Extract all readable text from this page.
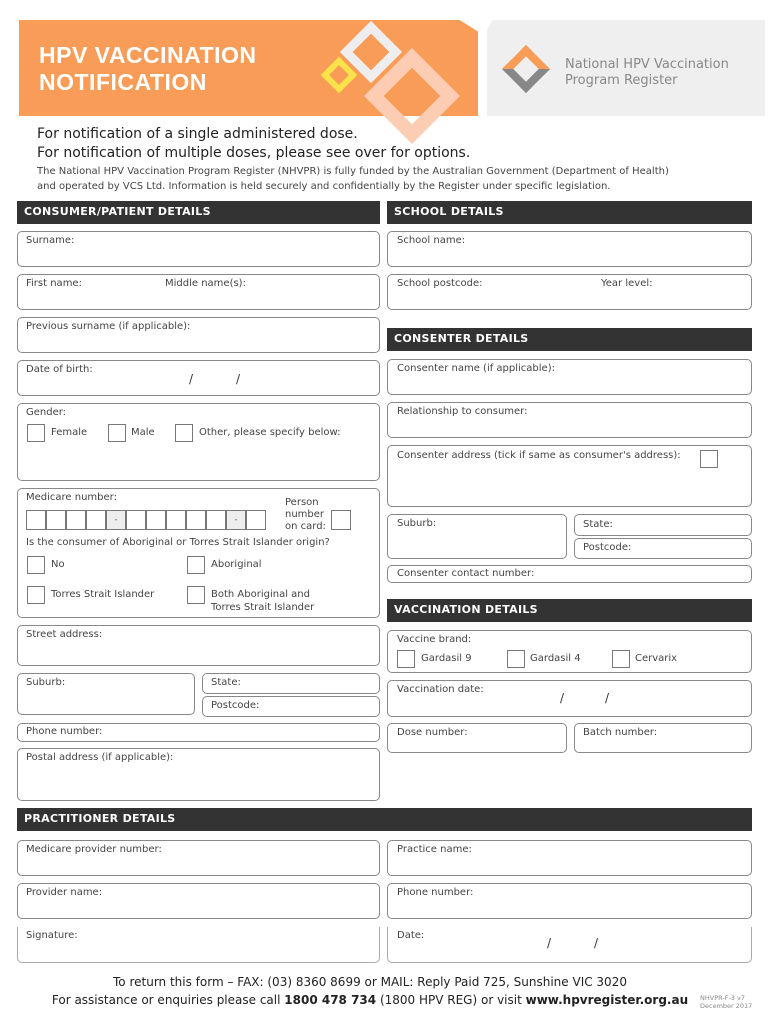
HPV VACCINATION
NOTIFICATION
National HPV Vaccination
Program Register
For notification of a single administered dose.
For notification of multiple doses, please see over for options.
The National HPV Vaccination Program Register (NHVPR) is fully funded by the Australian Government (Department of Health)
and operated by VCS Ltd. Information is held securely and confidentially by the Register under specific legislation.
CONSUMER/PATIENT DETAILS
Surname:
First name:	Middle name(s):
Previous surname (if applicable):
Date of birth:
/	/
Gender:
Female	Male	Other, please specify below:
Medicare number:	Person
number
on card:
Is the consumer of Aboriginal or Torres Strait Islander origin?
No	Aboriginal
Torres Strait Islander	Both Aboriginal and
Torres Strait Islander
-	-
Street address:
Suburb:	State:
Postcode:
Phone number:
Postal address (if applicable):
SCHOOL DETAILS
School name:
School postcode:	Year level:
CONSENTER DETAILS
Consenter name (if applicable):
Relationship to consumer:
Consenter address (tick if same as consumer's address):
Suburb:	State:
Postcode:
Consenter contact number:
VACCINATION DETAILS
Vaccine brand:
Gardasil 9	Gardasil 4	Cervarix
Vaccination date:
/	/
Dose number:	Batch number:
PRACTITIONER DETAILS
Medicare provider number:	Practice name:
Provider name:	Phone number:
Signature:	Date:
/	/
To return this form – FAX: (03) 8360 8699 or MAIL: Reply Paid 725, Sunshine VIC 3020
For assistance or enquiries please call 1800 478 734 (1800 HPV REG) or visit www.hpvregister.org.au	NHVPR-F-3 v7
December 2017
